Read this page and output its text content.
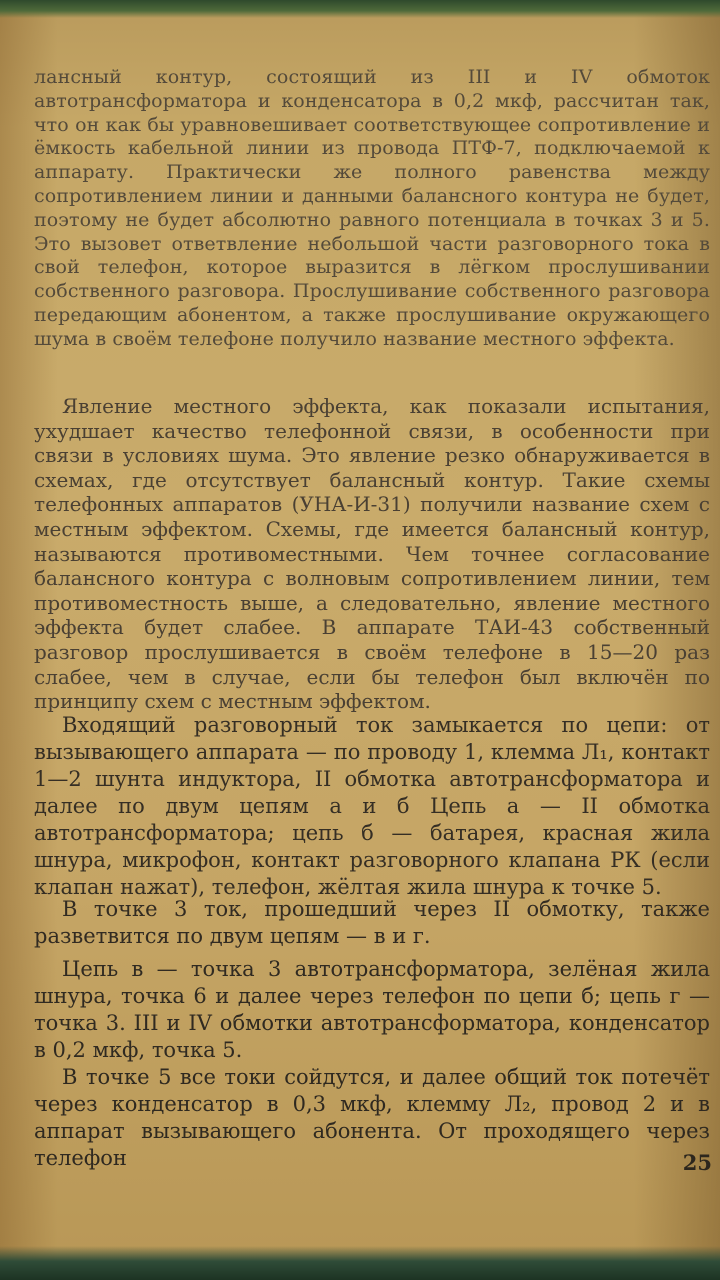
лансный контур, состоящий из III и IV обмоток автотрансформатора и конденсатора в 0,2 мкф, рассчитан так, что он как бы уравновешивает соответствующее сопротивление и ёмкость кабельной линии из провода ПТФ-7, подключаемой к аппарату. Практически же полного равенства между сопротивлением линии и данными балансного контура не будет, поэтому не будет абсолютно равного потенциала в точках 3 и 5. Это вызовет ответвление небольшой части разговорного тока в свой телефон, которое выразится в лёгком прослушивании собственного разговора. Прослушивание собственного разговора передающим абонентом, а также прослушивание окружающего шума в своём телефоне получило название местного эффекта.

Явление местного эффекта, как показали испытания, ухудшает качество телефонной связи, в особенности при связи в условиях шума. Это явление резко обнаруживается в схемах, где отсутствует балансный контур. Такие схемы телефонных аппаратов (УНА-И-31) получили название схем с местным эффектом. Схемы, где имеется балансный контур, называются противоместными. Чем точнее согласование балансного контура с волновым сопротивлением линии, тем противоместность выше, а следовательно, явление местного эффекта будет слабее. В аппарате ТАИ-43 собственный разговор прослушивается в своём телефоне в 15—20 раз слабее, чем в случае, если бы телефон был включён по принципу схем с местным эффектом.

Входящий разговорный ток замыкается по цепи: от вызывающего аппарата — по проводу 1, клемма Л₁, контакт 1—2 шунта индуктора, II обмотка автотрансформатора и далее по двум цепям а и б Цепь а — II обмотка автотрансформатора; цепь б — батарея, красная жила шнура, микрофон, контакт разговорного клапана РК (если клапан нажат), телефон, жёлтая жила шнура к точке 5.

В точке 3 ток, прошедший через II обмотку, также разветвится по двум цепям — в и г.

Цепь в — точка 3 автотрансформатора, зелёная жила шнура, точка 6 и далее через телефон по цепи б; цепь г — точка 3. III и IV обмотки автотрансформатора, конденсатор в 0,2 мкф, точка 5.

В точке 5 все токи сойдутся, и далее общий ток потечёт через конденсатор в 0,3 мкф, клемму Л₂, провод 2 и в аппарат вызывающего абонента. От проходящего через телефон	25
